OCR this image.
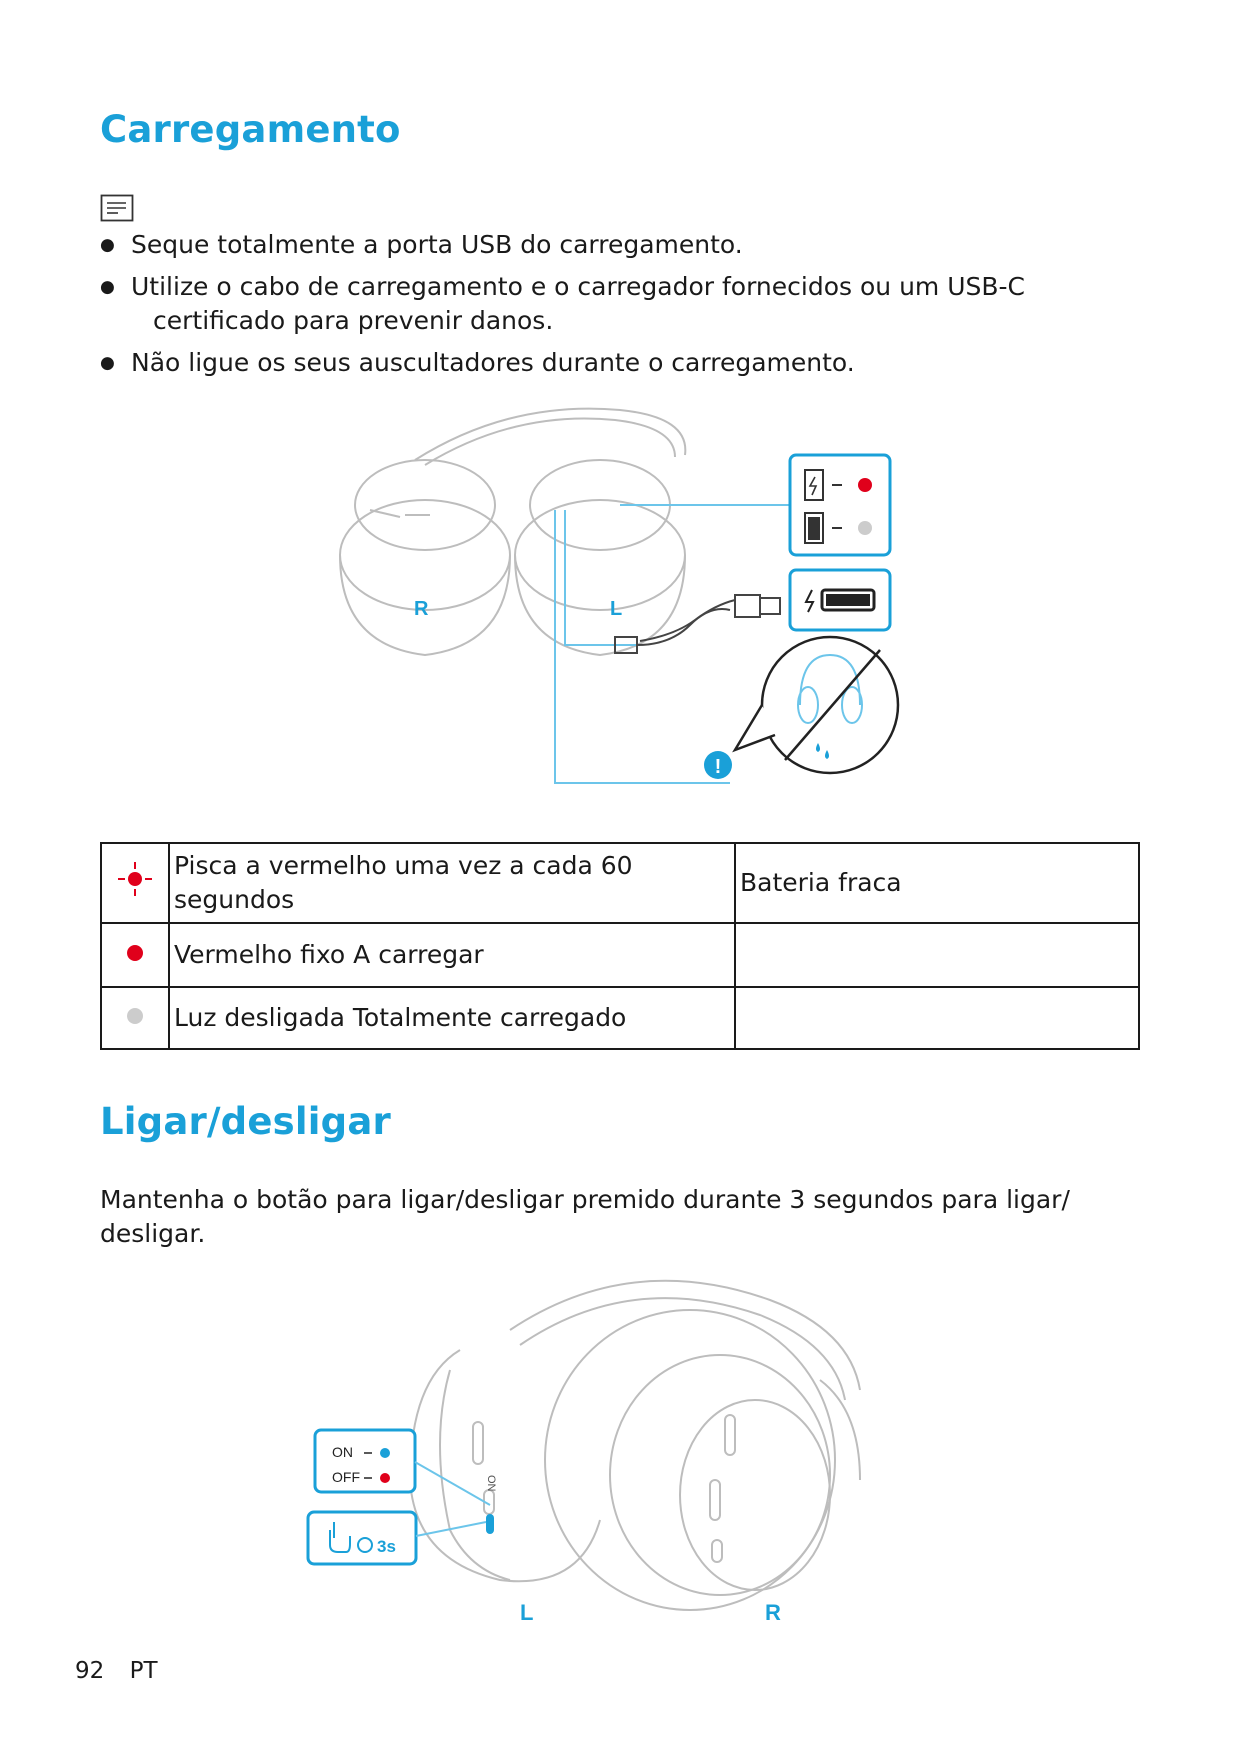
Carregamento
● Seque totalmente a porta USB do carregamento.
● Utilize o cabo de carregamento e o carregador fornecidos ou um USB-C
certificado para prevenir danos.
● Não ligue os seus auscultadores durante o carregamento.
R	L
!
	Pisca a vermelho uma vez a cada 60
segundos	Bateria fraca
	Vermelho fixo A carregar	
	Luz desligada Totalmente carregado	
Ligar/desligar
Mantenha o botão para ligar/desligar premido durante 3 segundos para ligar/
desligar.
ON
ON
OFF
3s
L	R
92 PT
